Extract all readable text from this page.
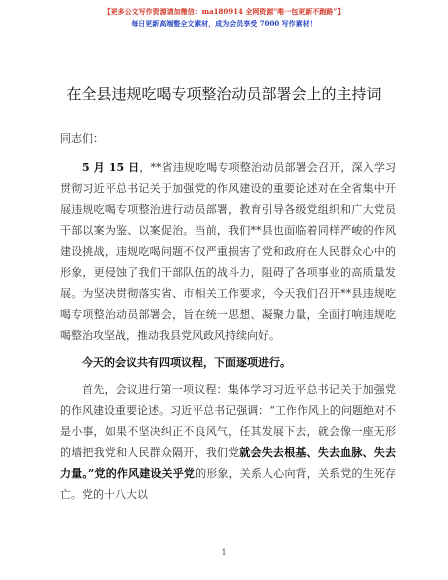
【更多公文写作资源请加微信：ma180914 全网资源“唯一包更新不跑路”】
每日更新高端整全文素材，成为会员享受 7000 写作素材！
在全县违规吃喝专项整治动员部署会上的主持词

同志们：

5 月 15 日，**省违规吃喝专项整治动员部署会召开，深入学习贯彻习近平总书记关于加强党的作风建设的重要论述对在全省集中开展违规吃喝专项整治进行动员部署，教育引导各级党组织和广大党员干部以案为鉴、以案促治。当前，我们**县也面临着同样严峻的作风建设挑战，违规吃喝问题不仅严重损害了党和政府在人民群众心中的形象，更侵蚀了我们干部队伍的战斗力，阻碍了各项事业的高质量发展。为坚决贯彻落实省、市相关工作要求，今天我们召开**县违规吃喝专项整治动员部署会，旨在统一思想、凝聚力量，全面打响违规吃喝整治攻坚战，推动我县党风政风持续向好。

今天的会议共有四项议程，下面逐项进行。

首先，会议进行第一项议程：集体学习习近平总书记关于加强党的作风建设重要论述。习近平总书记强调：“工作作风上的问题绝对不是小事，如果不坚决纠正不良风气，任其发展下去，就会像一座无形的墙把我党和人民群众隔开，我们党就会失去根基、失去血脉、失去力量。”党的作风建设关乎党的形象，关系人心向背，关系党的生死存亡。党的十八大以

1
